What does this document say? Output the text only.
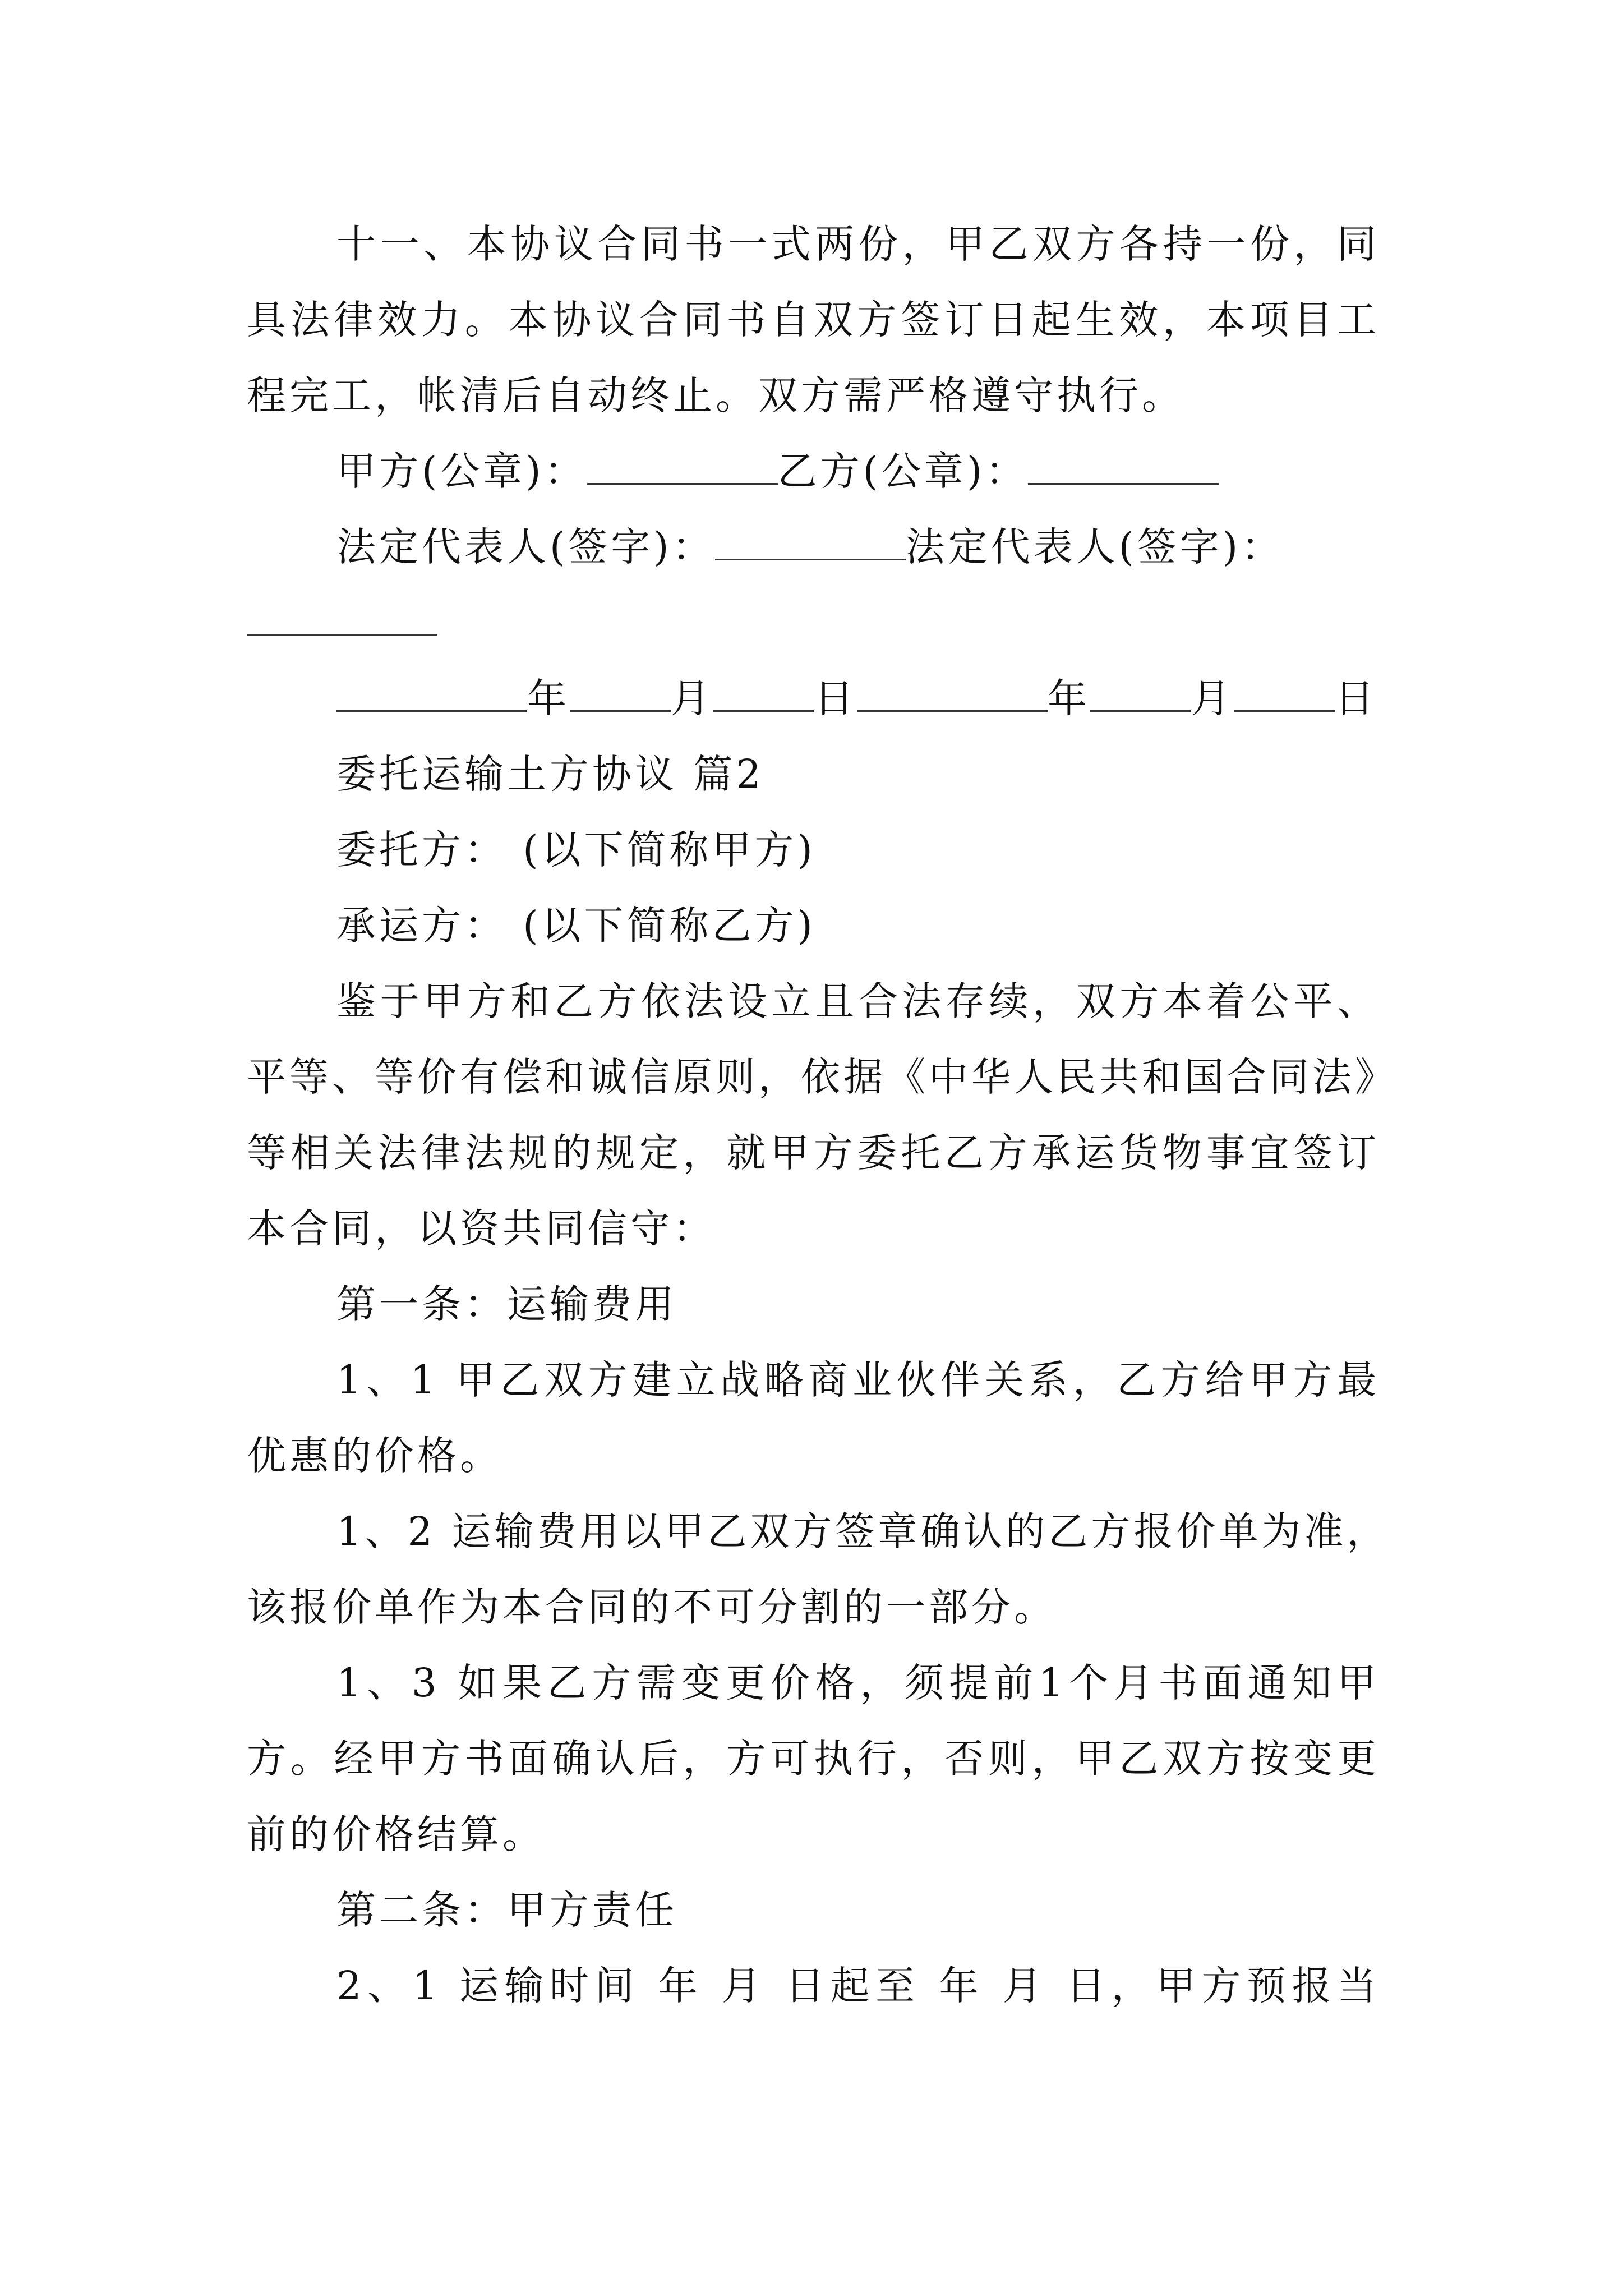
十一、本协议合同书一式两份，甲乙双方各持一份，同
具法律效力。本协议合同书自双方签订日起生效，本项目工
程完工，帐清后自动终止。双方需严格遵守执行。
甲方(公章)：	乙方(公章)：
法定代表人(签字)：	法定代表人(签字)：
年	月	日	年	月	日
委托运输土方协议 篇2
委托方： (以下简称甲方)
承运方： (以下简称乙方)
鉴于甲方和乙方依法设立且合法存续，双方本着公平、
平等、等价有偿和诚信原则，依据《中华人民共和国合同法》
等相关法律法规的规定，就甲方委托乙方承运货物事宜签订
本合同，以资共同信守：
第一条：运输费用
1、1 甲乙双方建立战略商业伙伴关系，乙方给甲方最
优惠的价格。
1、2 运输费用以甲乙双方签章确认的乙方报价单为准，
该报价单作为本合同的不可分割的一部分。
1、3 如果乙方需变更价格，须提前1个月书面通知甲
方。经甲方书面确认后，方可执行，否则，甲乙双方按变更
前的价格结算。
第二条：甲方责任
2、1 运输时间 年 月 日起至 年 月 日，甲方预报当
